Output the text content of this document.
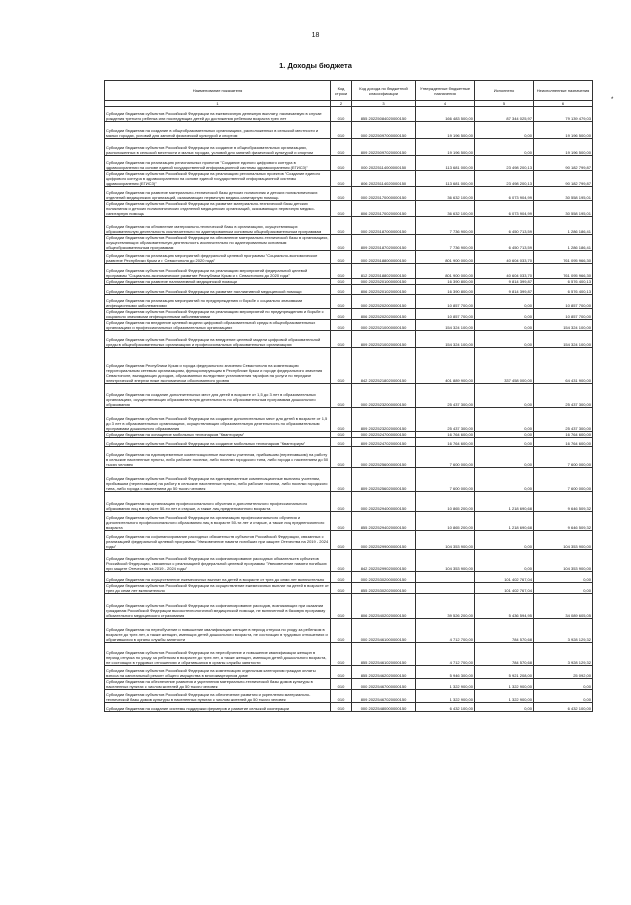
18
1. Доходы бюджета
*
Наименование показателя	Код строки	Код дохода по бюджетной классификации	Утвержденные бюджетные назначения	Исполнено	Неисполненные назначения
1	2	3	4	5	6
Субсидии бюджетам субъектов Российской Федерации на ежемесячную денежную выплату, назначаемую в случае рождения третьего ребенка или последующих детей до достижения ребенком возраста трех лет	010	855 20225084020000150	166 483 500,00	87 344 025,97	79 139 479,03
Субсидии бюджетам на создание в общеобразовательных организациях, расположенных в сельской местности и малых городах, условий для занятий физической культурой и спортом	010	000 20225097000000150	19 196 500,00	0,00	19 196 500,00
Субсидии бюджетам субъектов Российской Федерации на создание в общеобразовательных организациях, расположенных в сельской местности и малых городах, условий для занятий физической культурой и спортом	010	809 20225097020000150	19 196 500,00	0,00	19 196 500,00
Субсидии бюджетам на реализацию региональных проектов "Создание единого цифрового контура в здравоохранении на основе единой государственной информационной системы здравоохранения (ЕГИСЗ)"	010	000 20225114000000150	113 681 000,00	23 498 200,13	90 182 799,87
Субсидии бюджетам субъектов Российской Федерации на реализацию региональных проектов "Создание единого цифрового контура в здравоохранении на основе единой государственной информационной системы здравоохранения (ЕГИСЗ)"	010	806 20225114020000150	113 681 000,00	23 498 200,13	90 182 799,87
Субсидии бюджетам на развитие материально-технической базы детских поликлиник и детских поликлинических отделений медицинских организаций, оказывающих первичную медико-санитарную помощь	010	000 20225170000000150	36 632 100,00	6 073 904,99	30 558 195,01
Субсидии бюджетам субъектов Российской Федерации на развитие материально-технической базы детских поликлиник и детских поликлинических отделений медицинских организаций, оказывающих первичную медико-санитарную помощь	010	806 20225170020000150	36 632 100,00	6 073 904,99	30 558 195,01
Субсидии бюджетам на обновление материально-технической базы в организациях, осуществляющих образовательную деятельность исключительно по адаптированным основным общеобразовательным программам	010	000 20225187000000150	7 736 900,00	6 450 713,59	1 286 186,41
Субсидии бюджетам субъектов Российской Федерации на обновление материально-технической базы в организациях, осуществляющих образовательную деятельность исключительно по адаптированным основным общеобразовательным программам	010	809 20225187020000150	7 736 900,00	6 450 713,59	1 286 186,41
Субсидии бюджетам на реализацию мероприятий федеральной целевой программы "Социально-экономическое развитие Республики Крым и г. Севастополя до 2020 года"	010	000 20225188000000150	801 900 000,00	40 604 033,70	761 095 966,30
Субсидии бюджетам субъектов Российской Федерации на реализацию мероприятий федеральной целевой программы "Социально-экономическое развитие Республики Крым и г. Севастополя до 2020 года"	010	812 20225188020000150	801 900 000,00	40 604 033,70	761 095 966,30
Субсидии бюджетам на развитие паллиативной медицинской помощи	010	000 20225201000000150	16 390 800,00	9 814 399,87	6 576 400,13
Субсидии бюджетам субъектов Российской Федерации на развитие паллиативной медицинской помощи	010	806 20225201020000150	16 390 800,00	9 814 399,87	6 576 400,13
Субсидии бюджетам на реализацию мероприятий по предупреждению и борьбе с социально значимыми инфекционными заболеваниями	010	000 20225202000000150	10 857 700,00	0,00	10 857 700,00
Субсидии бюджетам субъектов Российской Федерации на реализацию мероприятий по предупреждению и борьбе с социально значимыми инфекционными заболеваниями	010	806 20225202020000150	10 857 700,00	0,00	10 857 700,00
Субсидии бюджетам на внедрение целевой модели цифровой образовательной среды в общеобразовательных организациях и профессиональных образовательных организациях	010	000 20225210000000150	154 324 100,00	0,00	154 324 100,00
Субсидии бюджетам субъектов Российской Федерации на внедрение целевой модели цифровой образовательной среды в общеобразовательных организациях и профессиональных образовательных организациях	010	809 20225210020000150	154 324 100,00	0,00	154 324 100,00
Субсидии бюджетам Республики Крым и города федерального значения Севастополя на компенсацию территориальным сетевым организациям, функционирующим в Республике Крым и городе федерального значения Севастополе, выпадающих доходов, образованных вследствие установления тарифов на услуги по передаче электрической энергии ниже экономически обоснованного уровня	010	842 20225218020000150	401 889 900,00	337 458 000,00	64 431 900,00
Субсидии бюджетам на создание дополнительных мест для детей в возрасте от 1,5 до 3 лет в образовательных организациях, осуществляющих образовательную деятельность по образовательным программам дошкольного образования	010	000 20225232000000150	25 437 300,00	0,00	25 437 300,00
Субсидии бюджетам субъектов Российской Федерации на создание дополнительных мест для детей в возрасте от 1,5 до 3 лет в образовательных организациях, осуществляющих образовательную деятельность по образовательным программам дошкольного образования	010	809 20225232020000150	25 437 300,00	0,00	25 437 300,00
Субсидии бюджетам на оснащение мобильных технопарков "Кванториум"	010	000 20225247000000150	16 764 600,00	0,00	16 764 600,00
Субсидии бюджетам субъектов Российской Федерации на создание мобильных технопарков "Кванториум"	010	809 20225247020000150	16 764 600,00	0,00	16 764 600,00
Субсидии бюджетам на единовременные компенсационные выплаты учителям, прибывшим (переехавшим) на работу в сельские населенные пункты, либо рабочие поселки, либо поселки городского типа, либо города с населением до 50 тысяч человек	010	000 20225256000000150	7 600 000,00	0,00	7 600 000,00
Субсидии бюджетам субъектов Российской Федерации на единовременные компенсационные выплаты учителям, прибывшим (переехавшим) на работу в сельские населенные пункты, либо рабочие поселки, либо поселки городского типа, либо города с населением до 50 тысяч человек	010	809 20225256020000150	7 600 000,00	0,00	7 600 000,00
Субсидии бюджетам на организацию профессионального обучения и дополнительного профессионального образования лиц в возрасте 50-ти лет и старше, а также лиц предпенсионного возраста	010	000 20225294000000150	10 865 200,00	1 218 690,68	9 646 509,32
Субсидии бюджетам субъектов Российской Федерации на организацию профессионального обучения и дополнительного профессионального образования лиц в возрасте 50-ти лет и старше, а также лиц предпенсионного возраста	010	855 20225294020000150	10 865 200,00	1 218 690,68	9 646 509,32
Субсидии бюджетам на софинансирование расходных обязательств субъектов Российской Федерации, связанных с реализацией федеральной целевой программы "Увековечение памяти погибших при защите Отечества на 2019 - 2024 годы"	010	000 20225299000000150	104 353 900,00	0,00	104 353 900,00
Субсидии бюджетам субъектов Российской Федерации на софинансирование расходных обязательств субъектов Российской Федерации, связанных с реализацией федеральной целевой программы "Увековечение памяти погибших при защите Отечества на 2019 - 2024 годы"	010	842 20225299020000150	104 353 900,00	0,00	104 353 900,00
Субсидии бюджетам на осуществление ежемесячных выплат на детей в возрасте от трех до семи лет включительно	010	000 20225302000000150		101 402 767,04	0,00
Субсидии бюджетам субъектов Российской Федерации на осуществление ежемесячных выплат на детей в возрасте от трех до семи лет включительно	010	855 20225302020000150		101 402 767,04	0,00
Субсидии бюджетам субъектов Российской Федерации на софинансирование расходов, возникающих при оказании гражданам Российской Федерации высокотехнологичной медицинской помощи, не включенной в базовую программу обязательного медицинского страхования	010	806 20225402020000150	39 526 200,00	5 436 594,95	34 089 605,05
Субсидии бюджетам на переобучение и повышение квалификации женщин в период отпуска по уходу за ребенком в возрасте до трех лет, а также женщин, имеющих детей дошкольного возраста, не состоящих в трудовых отношениях и обратившихся в органы службы занятости	010	000 20225461000000150	4 712 700,00	784 570,68	3 928 129,32
Субсидии бюджетам субъектов Российской Федерации на переобучение и повышение квалификации женщин в период отпуска по уходу за ребенком в возрасте до трех лет, а также женщин, имеющих детей дошкольного возраста, не состоящих в трудовых отношениях и обратившихся в органы службы занятости	010	855 20225461020000150	4 712 700,00	784 570,68	3 928 129,32
Субсидии бюджетам субъектов Российской Федерации на компенсацию отдельным категориям граждан оплаты взноса на капитальный ремонт общего имущества в многоквартирном доме	010	855 20225462020000150	5 946 300,00	5 921 208,00	25 092,00
Субсидии бюджетам на обеспечение развития и укрепления материально-технической базы домов культуры в населенных пунктах с числом жителей до 50 тысяч человек	010	000 20225467000000150	1 322 900,00	1 322 900,00	0,00
Субсидии бюджетам субъектов Российской Федерации на обеспечение развития и укрепления материально-технической базы домов культуры в населенных пунктах с числом жителей до 50 тысяч человек	010	809 20225467020000150	1 322 900,00	1 322 900,00	0,00
Субсидии бюджетам на создание системы поддержки фермеров и развитие сельской кооперации	010	000 20225480000000150	6 432 100,00	0,00	6 432 100,00
